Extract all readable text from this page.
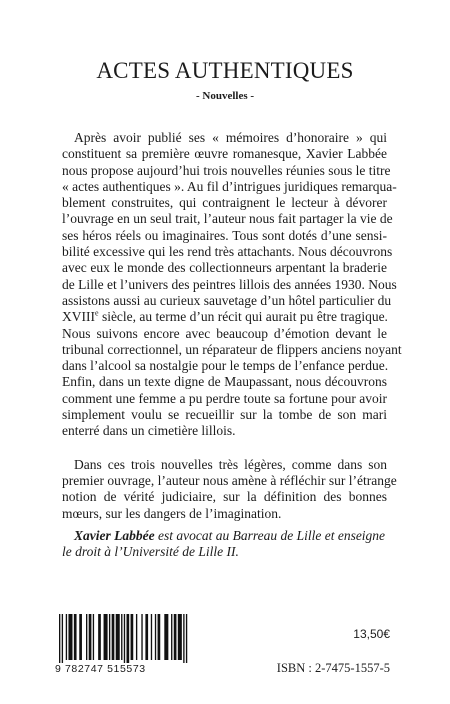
ACTES AUTHENTIQUES
- Nouvelles -

Après avoir publié ses « mémoires d’honoraire » qui
constituent sa première œuvre romanesque, Xavier Labbée
nous propose aujourd’hui trois nouvelles réunies sous le titre
« actes authentiques ». Au fil d’intrigues juridiques remarqua-
blement construites, qui contraignent le lecteur à dévorer
l’ouvrage en un seul trait, l’auteur nous fait partager la vie de
ses héros réels ou imaginaires. Tous sont dotés d’une sensi-
bilité excessive qui les rend très attachants. Nous découvrons
avec eux le monde des collectionneurs arpentant la braderie
de Lille et l’univers des peintres lillois des années 1930. Nous
assistons aussi au curieux sauvetage d’un hôtel particulier du
XVIIIe siècle, au terme d’un récit qui aurait pu être tragique.
Nous suivons encore avec beaucoup d’émotion devant le
tribunal correctionnel, un réparateur de flippers anciens noyant
dans l’alcool sa nostalgie pour le temps de l’enfance perdue.
Enfin, dans un texte digne de Maupassant, nous découvrons
comment une femme a pu perdre toute sa fortune pour avoir
simplement voulu se recueillir sur la tombe de son mari
enterré dans un cimetière lillois.

Dans ces trois nouvelles très légères, comme dans son
premier ouvrage, l’auteur nous amène à réfléchir sur l’étrange
notion de vérité judiciaire, sur la définition des bonnes
mœurs, sur les dangers de l’imagination.

Xavier Labbée est avocat au Barreau de Lille et enseigne
le droit à l’Université de Lille II.
9 782747 515573
13,50€
ISBN : 2-7475-1557-5
